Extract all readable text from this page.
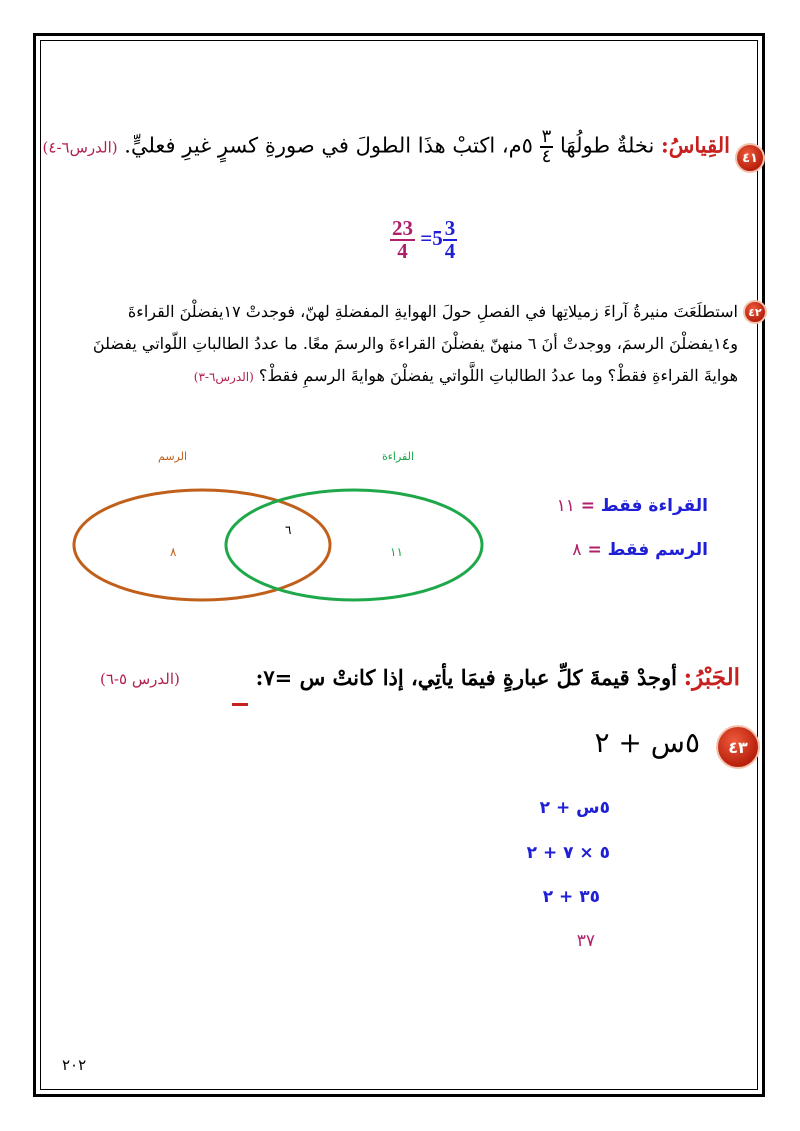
٤١
القِياسُ: نخلةٌ طولُهَا
$\frac{٣}{٤}$
٥م، اكتبْ هذَا الطولَ في صورةِ كسرٍ غيرِ فعليٍّ. (الدرس٦-٤)
$\frac{23}{4} =5 \frac{3}{4}$
٤٢
استطلَعَتَ منيرةُ آراءَ زميلاتِها في الفصلِ حولَ الهوايةِ المفضلةِ لهنّ، فوجدتْ ١٧يفضلْنَ القراءةَ
و١٤يفضلْنَ الرسمَ، ووجدتْ أنَ ٦ منهنّ يفضلْنَ القراءةَ والرسمَ معًا. ما عددُ الطالباتِ اللّواتي يفضلنَ
هوايةَ القراءةِ فقطْ؟ وما عددُ الطالباتِ اللَّواتي يفضلْنَ هوايةَ الرسمِ فقطْ؟ (الدرس٦-٣)
الرسم	القراءة
٨
٦
١١
القراءة فقط = ١١
الرسم فقط = ٨
الجَبْرُ: أوجدْ قيمةَ كلِّ عبارةٍ فيمَا يأتِي، إذا كانتْ س =٧:
(الدرس ٥-٦)
٤٣
٥س + ٢
٥س + ٢
٥ × ٧ + ٢
٣٥ + ٢
٣٧
٢٠٢
